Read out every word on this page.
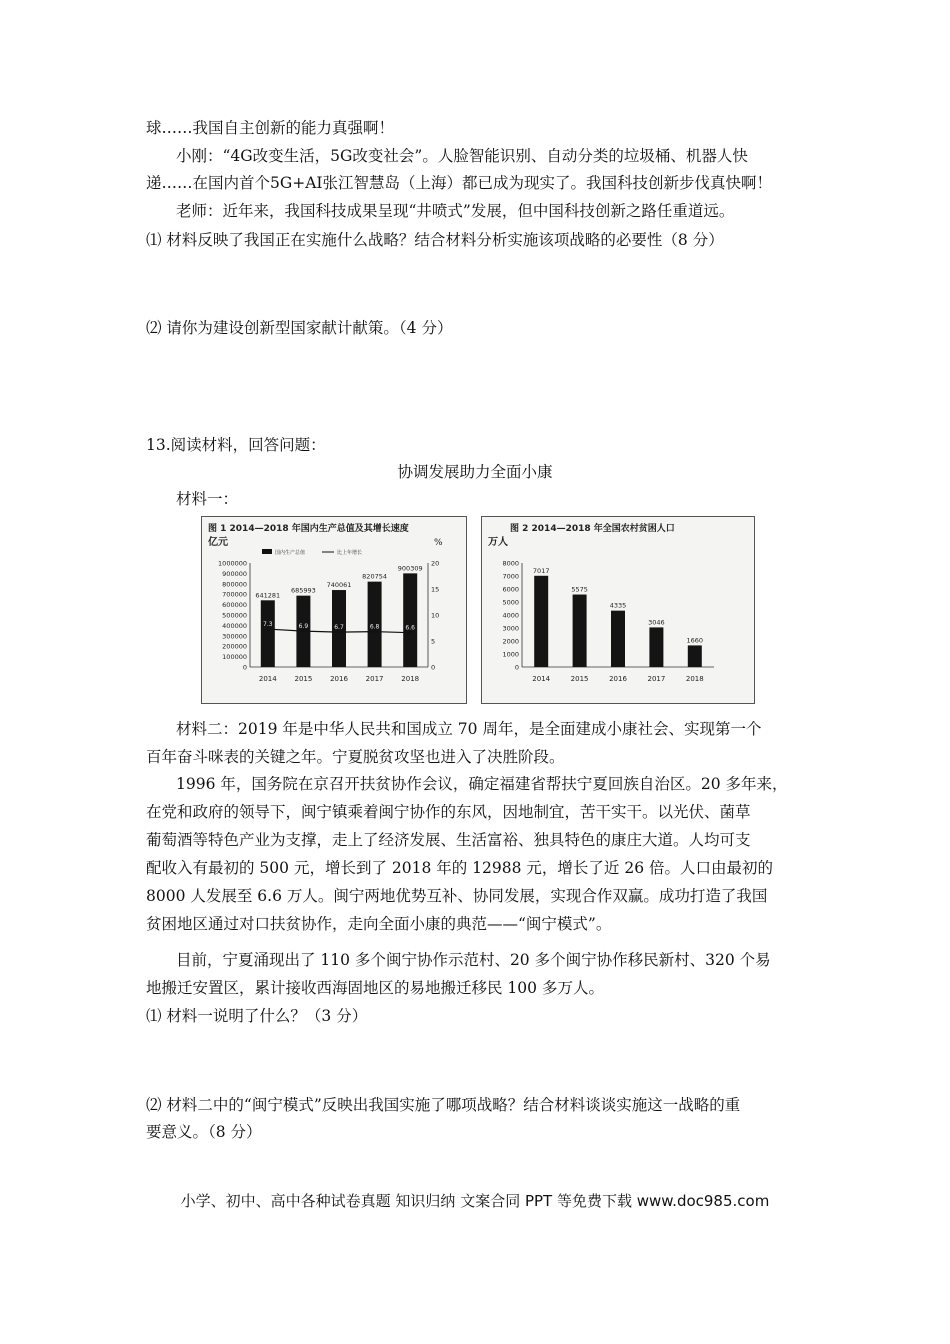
球……我国自主创新的能力真强啊！
小刚：“4G改变生活，5G改变社会”。人脸智能识别、自动分类的垃圾桶、机器人快
递……在国内首个5G+AI张江智慧岛（上海）都已成为现实了。我国科技创新步伐真快啊！
老师：近年来，我国科技成果呈现“井喷式”发展，但中国科技创新之路任重道远。
⑴ 材料反映了我国正在实施什么战略？结合材料分析实施该项战略的必要性（8 分）
⑵ 请你为建设创新型国家献计献策。（4 分）
13.阅读材料，回答问题：
协调发展助力全面小康
材料一：
图 1 2014—2018 年国内生产总值及其增长速度
亿元	%
国内生产总值	比上年增长
1000000
900000
800000
700000
600000
500000
400000
300000
200000
100000
0
20
15
10
5
0
641281
2014
685993
2015
740061
2016
820754
2017
900309
2018
7.3	6.9	6.7	6.8	6.6
图 2 2014—2018 年全国农村贫困人口
万人
8000
7000
6000
5000
4000
3000
2000
1000
0
7017
2014
5575
2015
4335
2016
3046
2017
1660
2018
材料二：2019 年是中华人民共和国成立 70 周年，是全面建成小康社会、实现第一个
百年奋斗咪表的关键之年。宁夏脱贫攻坚也进入了决胜阶段。
1996 年，国务院在京召开扶贫协作会议，确定福建省帮扶宁夏回族自治区。20 多年来，
在党和政府的领导下，闽宁镇乘着闽宁协作的东风，因地制宜，苦干实干。以光伏、菌草
葡萄酒等特色产业为支撑，走上了经济发展、生活富裕、独具特色的康庄大道。人均可支
配收入有最初的 500 元，增长到了 2018 年的 12988 元，增长了近 26 倍。人口由最初的
8000 人发展至 6.6 万人。闽宁两地优势互补、协同发展，实现合作双赢。成功打造了我国
贫困地区通过对口扶贫协作，走向全面小康的典范——“闽宁模式”。
目前，宁夏涌现出了 110 多个闽宁协作示范村、20 多个闽宁协作移民新村、320 个易
地搬迁安置区，累计接收西海固地区的易地搬迁移民 100 多万人。
⑴ 材料一说明了什么？（3 分）
⑵ 材料二中的“闽宁模式”反映出我国实施了哪项战略？结合材料谈谈实施这一战略的重
要意义。（8 分）
小学、初中、高中各种试卷真题 知识归纳 文案合同 PPT 等免费下载 www.doc985.com
